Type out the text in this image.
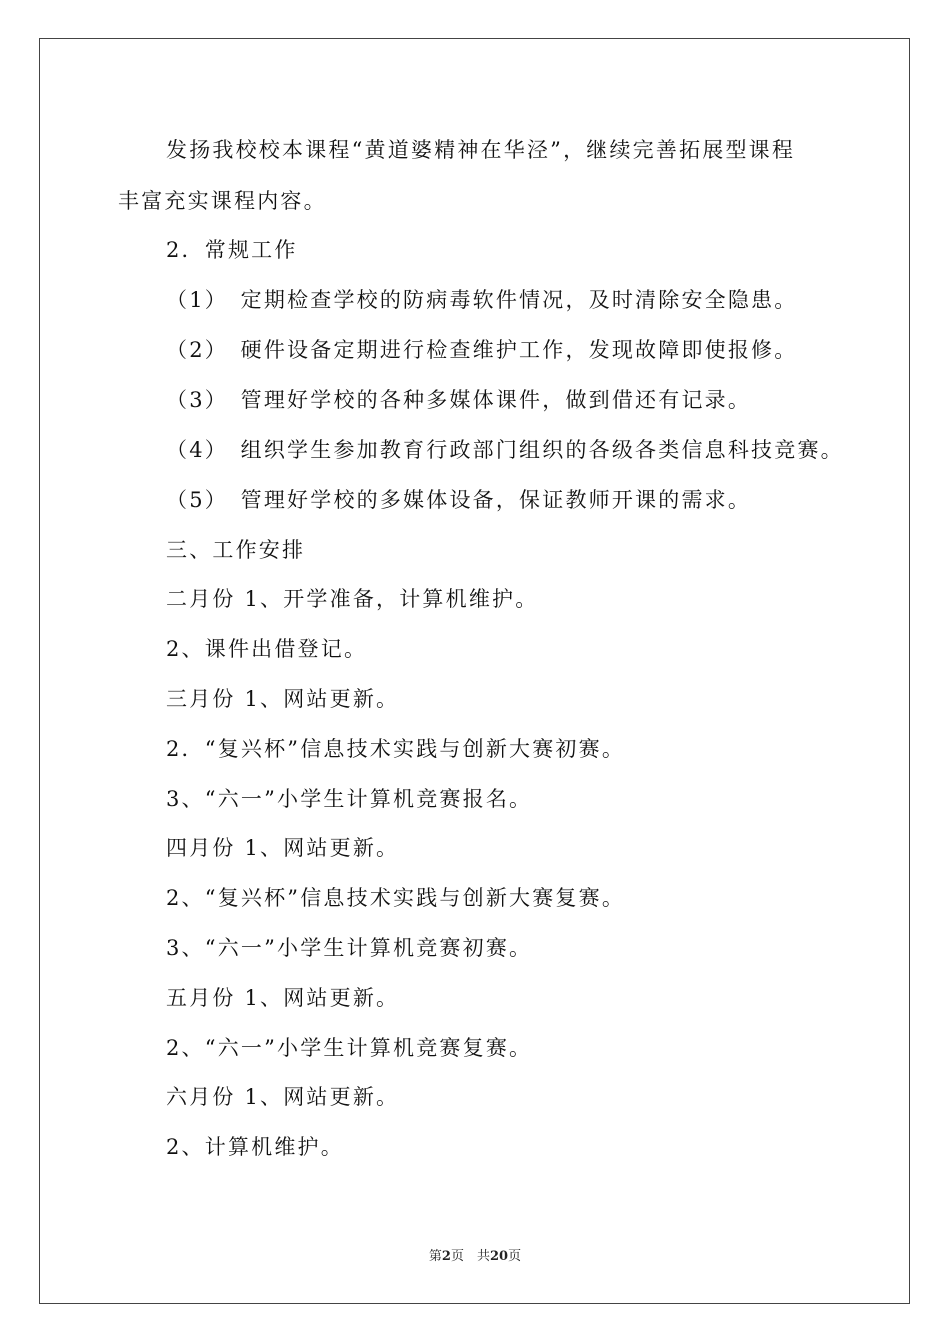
发扬我校校本课程“黄道婆精神在华泾”，继续完善拓展型课程
丰富充实课程内容。
2．常规工作
（1）　定期检查学校的防病毒软件情况，及时清除安全隐患。
（2）　硬件设备定期进行检查维护工作，发现故障即使报修。
（3）　管理好学校的各种多媒体课件，做到借还有记录。
（4）　组织学生参加教育行政部门组织的各级各类信息科技竞赛。
（5）　管理好学校的多媒体设备，保证教师开课的需求。
三、工作安排
二月份 1、开学准备，计算机维护。
2、课件出借登记。
三月份 1、网站更新。
2．“复兴杯”信息技术实践与创新大赛初赛。
3、“六一”小学生计算机竞赛报名。
四月份 1、网站更新。
2、“复兴杯”信息技术实践与创新大赛复赛。
3、“六一”小学生计算机竞赛初赛。
五月份 1、网站更新。
2、“六一”小学生计算机竞赛复赛。
六月份 1、网站更新。
2、计算机维护。
第2页　共20页
